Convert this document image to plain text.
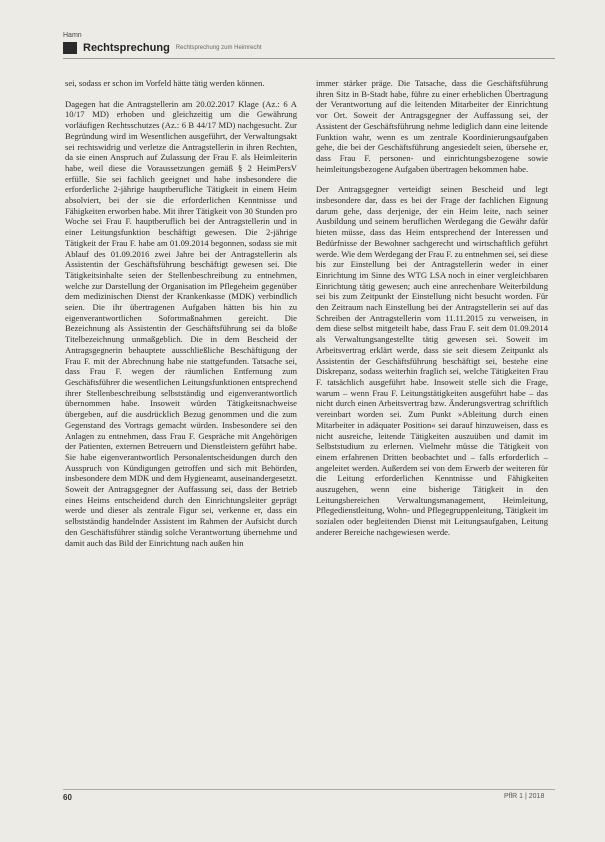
Hamn
Rechtsprechung Rechtsprechung zum Heimrecht

sei, sodass er schon im Vorfeld hätte tätig werden können.

Dagegen hat die Antragstellerin am 20.02.2017 Klage (Az.: 6 A 10/17 MD) erhoben und gleichzeitig um die Gewährung vorläufigen Rechtsschutzes (Az.: 6 B 44/17 MD) nachgesucht. Zur Begründung wird im Wesentlichen ausgeführt, der Verwaltungsakt sei rechtswidrig und verletze die Antragstellerin in ihren Rechten, da sie einen Anspruch auf Zulassung der Frau F. als Heimleiterin habe, weil diese die Voraussetzungen gemäß § 2 HeimPersV erfülle. Sie sei fachlich geeignet und habe insbesondere die erforderliche 2-jährige hauptberufliche Tätigkeit in einem Heim absolviert, bei der sie die erforderlichen Kenntnisse und Fähigkeiten erworben habe. Mit ihrer Tätigkeit von 30 Stunden pro Woche sei Frau F. hauptberuflich bei der Antragstellerin und in einer Leitungsfunktion beschäftigt gewesen. Die 2-jährige Tätigkeit der Frau F. habe am 01.09.2014 begonnen, sodass sie mit Ablauf des 01.09.2016 zwei Jahre bei der Antragstellerin als Assistentin der Geschäftsführung beschäftigt gewesen sei. Die Tätigkeitsinhalte seien der Stellenbeschreibung zu entnehmen, welche zur Darstellung der Organisation im Pflegeheim gegenüber dem medizinischen Dienst der Krankenkasse (MDK) verbindlich seien. Die ihr übertragenen Aufgaben hätten bis hin zu eigenverantwortlichen Sofortmaßnahmen gereicht. Die Bezeichnung als Assistentin der Geschäftsführung sei da bloße Titelbezeichnung unmaßgeblich. Die in dem Bescheid der Antragsgegnerin behauptete ausschließliche Beschäftigung der Frau F. mit der Abrechnung habe nie stattgefunden. Tatsache sei, dass Frau F. wegen der räumlichen Entfernung zum Geschäftsführer die wesentlichen Leitungsfunktionen entsprechend ihrer Stellenbeschreibung selbstständig und eigenverantwortlich übernommen habe. Insoweit würden Tätigkeitsnachweise übergeben, auf die ausdrücklich Bezug genommen und die zum Gegenstand des Vortrags gemacht würden. Insbesondere sei den Anlagen zu entnehmen, dass Frau F. Gespräche mit Angehörigen der Patienten, externen Betreuern und Dienstleistern geführt habe. Sie habe eigenverantwortlich Personalentscheidungen durch den Ausspruch von Kündigungen getroffen und sich mit Behörden, insbesondere dem MDK und dem Hygieneamt, auseinandergesetzt. Soweit der Antragsgegner der Auffassung sei, dass der Betrieb eines Heims entscheidend durch den Einrichtungsleiter geprägt werde und dieser als zentrale Figur sei, verkenne er, dass ein selbstständig handelnder Assistent im Rahmen der Aufsicht durch den Geschäftsführer ständig solche Verantwortung übernehme und damit auch das Bild der Einrichtung nach außen hin

immer stärker präge. Die Tatsache, dass die Geschäftsführung ihren Sitz in B-Stadt habe, führe zu einer erheblichen Übertragung der Verantwortung auf die leitenden Mitarbeiter der Einrichtung vor Ort. Soweit der Antragsgegner der Auffassung sei, der Assistent der Geschäftsführung nehme lediglich dann eine leitende Funktion wahr, wenn es um zentrale Koordinierungsaufgaben gehe, die bei der Geschäftsführung angesiedelt seien, übersehe er, dass Frau F. personen- und einrichtungsbezogene sowie heimleitungsbezogene Aufgaben übertragen bekommen habe.

Der Antragsgegner verteidigt seinen Bescheid und legt insbesondere dar, dass es bei der Frage der fachlichen Eignung darum gehe, dass derjenige, der ein Heim leite, nach seiner Ausbildung und seinem beruflichen Werdegang die Gewähr dafür bieten müsse, dass das Heim entsprechend der Interessen und Bedürfnisse der Bewohner sachgerecht und wirtschaftlich geführt werde. Wie dem Werdegang der Frau F. zu entnehmen sei, sei diese bis zur Einstellung bei der Antragstellerin weder in einer Einrichtung im Sinne des WTG LSA noch in einer vergleichbaren Einrichtung tätig gewesen; auch eine anrechenbare Weiterbildung sei bis zum Zeitpunkt der Einstellung nicht besucht worden. Für den Zeitraum nach Einstellung bei der Antragstellerin sei auf das Schreiben der Antragstellerin vom 11.11.2015 zu verweisen, in dem diese selbst mitgeteilt habe, dass Frau F. seit dem 01.09.2014 als Verwaltungsangestellte tätig gewesen sei. Soweit im Arbeitsvertrag erklärt werde, dass sie seit diesem Zeitpunkt als Assistentin der Geschäftsführung beschäftigt sei, bestehe eine Diskrepanz, sodass weiterhin fraglich sei, welche Tätigkeiten Frau F. tatsächlich ausgeführt habe. Insoweit stelle sich die Frage, warum – wenn Frau F. Leitungstätigkeiten ausgeführt habe – das nicht durch einen Arbeitsvertrag bzw. Änderungsvertrag schriftlich vereinbart worden sei. Zum Punkt »Ableitung durch einen Mitarbeiter in adäquater Position« sei darauf hinzuweisen, dass es nicht ausreiche, leitende Tätigkeiten auszuüben und damit im Selbststudium zu erlernen. Vielmehr müsse die Tätigkeit von einem erfahrenen Dritten beobachtet und – falls erforderlich – angeleitet werden. Außerdem sei von dem Erwerb der weiteren für die Leitung erforderlichen Kenntnisse und Fähigkeiten auszugehen, wenn eine bisherige Tätigkeit in den Leitungsbereichen Verwaltungsmanagement, Heimleitung, Pflegedienstleitung, Wohn- und Pflegegruppenleitung, Tätigkeit im sozialen oder begleitenden Dienst mit Leitungsaufgaben, Leitung anderer Bereiche nachgewiesen werde.

60	PflR 1 | 2018
